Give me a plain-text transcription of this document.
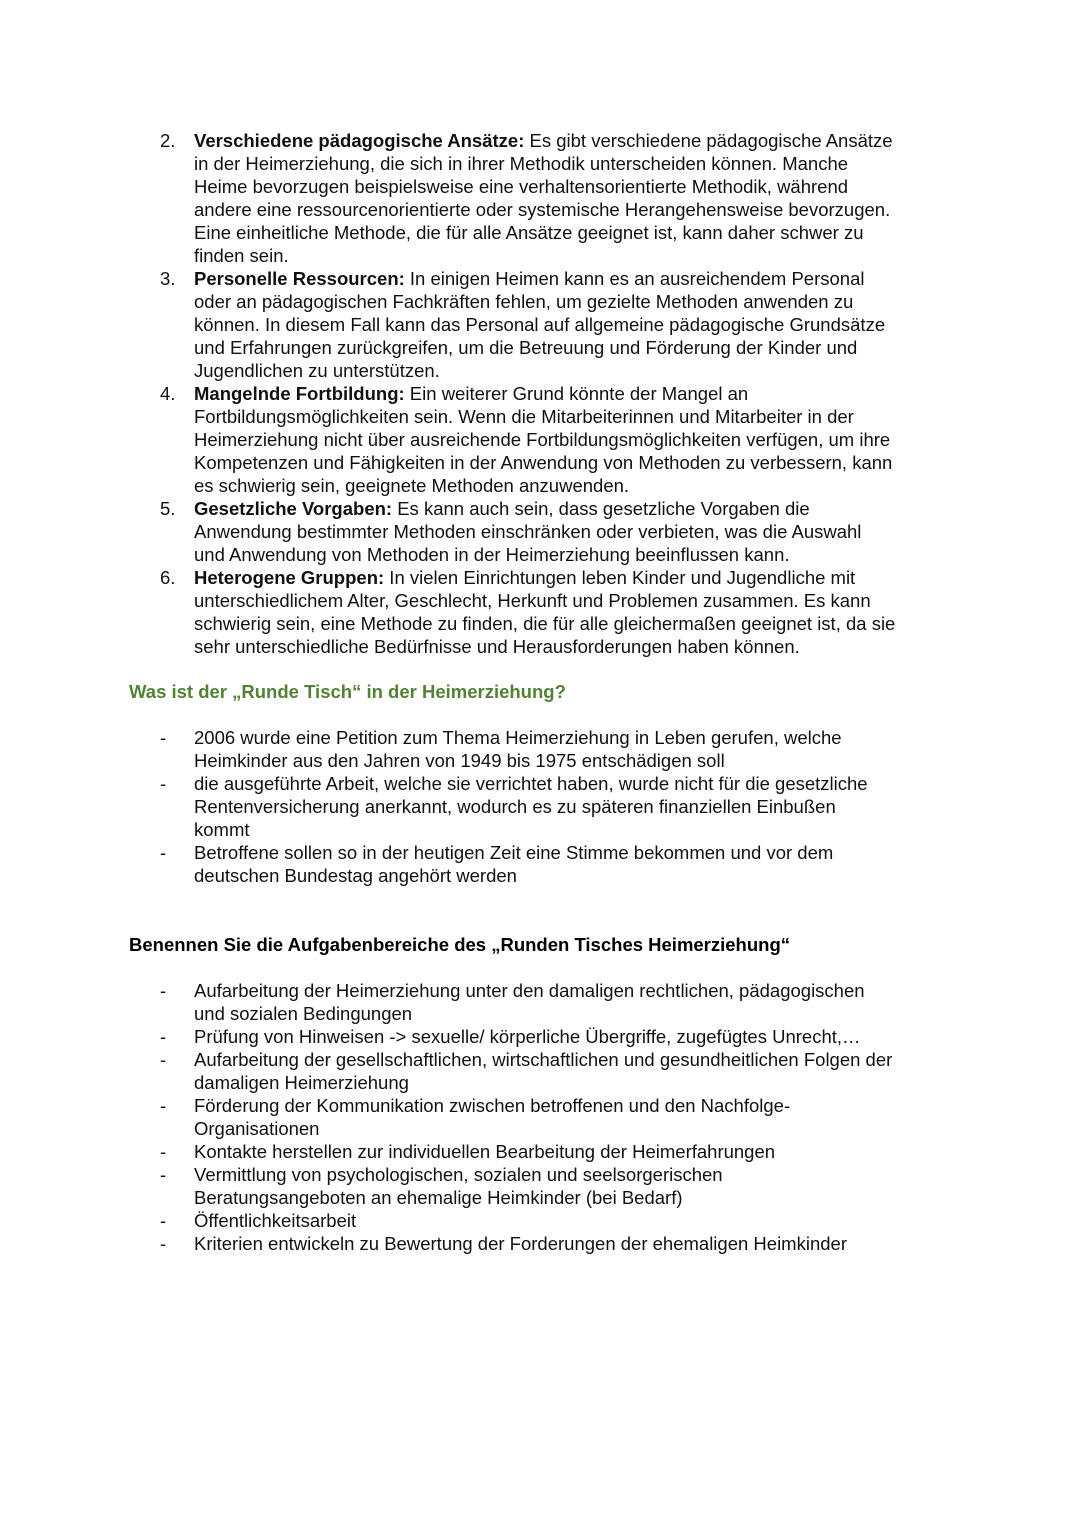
2. Verschiedene pädagogische Ansätze: Es gibt verschiedene pädagogische Ansätze
in der Heimerziehung, die sich in ihrer Methodik unterscheiden können. Manche
Heime bevorzugen beispielsweise eine verhaltensorientierte Methodik, während
andere eine ressourcenorientierte oder systemische Herangehensweise bevorzugen.
Eine einheitliche Methode, die für alle Ansätze geeignet ist, kann daher schwer zu
finden sein.
3. Personelle Ressourcen: In einigen Heimen kann es an ausreichendem Personal
oder an pädagogischen Fachkräften fehlen, um gezielte Methoden anwenden zu
können. In diesem Fall kann das Personal auf allgemeine pädagogische Grundsätze
und Erfahrungen zurückgreifen, um die Betreuung und Förderung der Kinder und
Jugendlichen zu unterstützen.
4. Mangelnde Fortbildung: Ein weiterer Grund könnte der Mangel an
Fortbildungsmöglichkeiten sein. Wenn die Mitarbeiterinnen und Mitarbeiter in der
Heimerziehung nicht über ausreichende Fortbildungsmöglichkeiten verfügen, um ihre
Kompetenzen und Fähigkeiten in der Anwendung von Methoden zu verbessern, kann
es schwierig sein, geeignete Methoden anzuwenden.
5. Gesetzliche Vorgaben: Es kann auch sein, dass gesetzliche Vorgaben die
Anwendung bestimmter Methoden einschränken oder verbieten, was die Auswahl
und Anwendung von Methoden in der Heimerziehung beeinflussen kann.
6. Heterogene Gruppen: In vielen Einrichtungen leben Kinder und Jugendliche mit
unterschiedlichem Alter, Geschlecht, Herkunft und Problemen zusammen. Es kann
schwierig sein, eine Methode zu finden, die für alle gleichermaßen geeignet ist, da sie
sehr unterschiedliche Bedürfnisse und Herausforderungen haben können.
Was ist der „Runde Tisch“ in der Heimerziehung?
- 2006 wurde eine Petition zum Thema Heimerziehung in Leben gerufen, welche
Heimkinder aus den Jahren von 1949 bis 1975 entschädigen soll
- die ausgeführte Arbeit, welche sie verrichtet haben, wurde nicht für die gesetzliche
Rentenversicherung anerkannt, wodurch es zu späteren finanziellen Einbußen
kommt
- Betroffene sollen so in der heutigen Zeit eine Stimme bekommen und vor dem
deutschen Bundestag angehört werden
Benennen Sie die Aufgabenbereiche des „Runden Tisches Heimerziehung“
- Aufarbeitung der Heimerziehung unter den damaligen rechtlichen, pädagogischen
und sozialen Bedingungen
- Prüfung von Hinweisen -> sexuelle/ körperliche Übergriffe, zugefügtes Unrecht,…
- Aufarbeitung der gesellschaftlichen, wirtschaftlichen und gesundheitlichen Folgen der
damaligen Heimerziehung
- Förderung der Kommunikation zwischen betroffenen und den Nachfolge-
Organisationen
- Kontakte herstellen zur individuellen Bearbeitung der Heimerfahrungen
- Vermittlung von psychologischen, sozialen und seelsorgerischen
Beratungsangeboten an ehemalige Heimkinder (bei Bedarf)
- Öffentlichkeitsarbeit
- Kriterien entwickeln zu Bewertung der Forderungen der ehemaligen Heimkinder
